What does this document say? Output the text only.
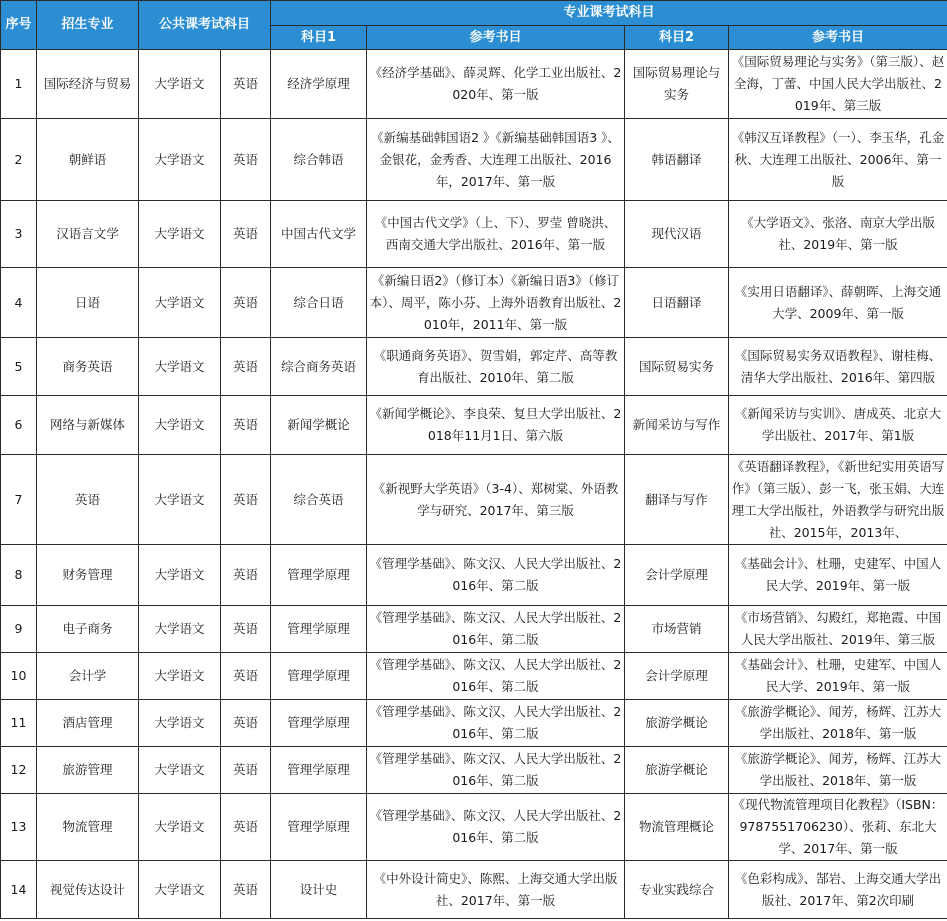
序号	招生专业	公共课考试科目		专业课考试科目			
				科目1	参考书目	科目2	参考书目
1	国际经济与贸易	大学语文	英语	经济学原理	《经济学基础》、薛灵辉、化学工业出版社、2020年、第一版	国际贸易理论与实务	《国际贸易理论与实务》（第三版）、赵全海，丁蕾、中国人民大学出版社、2019年、第三版
2	朝鲜语	大学语文	英语	综合韩语	《新编基础韩国语2 》《新编基础韩国语3 》、金银花，金秀香、大连理工出版社、2016年，2017年、第一版	韩语翻译	《韩汉互译教程》（一）、李玉华，孔金秋、大连理工出版社、2006年、第一版
3	汉语言文学	大学语文	英语	中国古代文学	《中国古代文学》（上、下）、罗莹 曾晓洪、西南交通大学出版社、2016年、第一版	现代汉语	《大学语文》、张洛、南京大学出版社、2019年、第一版
4	日语	大学语文	英语	综合日语	《新编日语2》（修订本）《新编日语3》（修订本）、周平，陈小芬、上海外语教育出版社、2010年，2011年、第一版	日语翻译	《实用日语翻译》、薛朝晖、上海交通大学、2009年、第一版
5	商务英语	大学语文	英语	综合商务英语	《职通商务英语》、贺雪娟，郭定芹、高等教育出版社、2010年、第二版	国际贸易实务	《国际贸易实务双语教程》、谢桂梅、清华大学出版社、2016年、第四版
6	网络与新媒体	大学语文	英语	新闻学概论	《新闻学概论》、李良荣、复旦大学出版社、2018年11月1日、第六版	新闻采访与写作	《新闻采访与实训》、唐成英、北京大学出版社、2017年、第1版
7	英语	大学语文	英语	综合英语	《新视野大学英语》（3-4）、郑树棠、外语教学与研究、2017年、第三版	翻译与写作	《英语翻译教程》，《新世纪实用英语写作》（第三版）、彭一飞，张玉娟、大连理工大学出版社，外语教学与研究出版社、2015年，2013年、
8	财务管理	大学语文	英语	管理学原理	《管理学基础》、陈文汉、人民大学出版社、2016年、第二版	会计学原理	《基础会计》、杜珊，史建军、中国人民大学、2019年、第一版
9	电子商务	大学语文	英语	管理学原理	《管理学基础》、陈文汉、人民大学出版社、2016年、第二版	市场营销	《市场营销》、勾殿红，郑艳霞、中国人民大学出版社、2019年、第三版
10	会计学	大学语文	英语	管理学原理	《管理学基础》、陈文汉、人民大学出版社、2016年、第二版	会计学原理	《基础会计》、杜珊，史建军、中国人民大学、2019年、第一版
11	酒店管理	大学语文	英语	管理学原理	《管理学基础》、陈文汉、人民大学出版社、2016年、第二版	旅游学概论	《旅游学概论》、闻芳，杨辉、江苏大学出版社、2018年、第一版
12	旅游管理	大学语文	英语	管理学原理	《管理学基础》、陈文汉、人民大学出版社、2016年、第二版	旅游学概论	《旅游学概论》、闻芳，杨辉、江苏大学出版社、2018年、第一版
13	物流管理	大学语文	英语	管理学原理	《管理学基础》、陈文汉、人民大学出版社、2016年、第二版	物流管理概论	《现代物流管理项目化教程》（ISBN：9787551706230）、张莉、东北大学、2017年、第一版
14	视觉传达设计	大学语文	英语	设计史	《中外设计简史》、陈熙、上海交通大学出版社、2017年、第一版	专业实践综合	《色彩构成》、郜岩、上海交通大学出版社、2017年、第2次印刷
